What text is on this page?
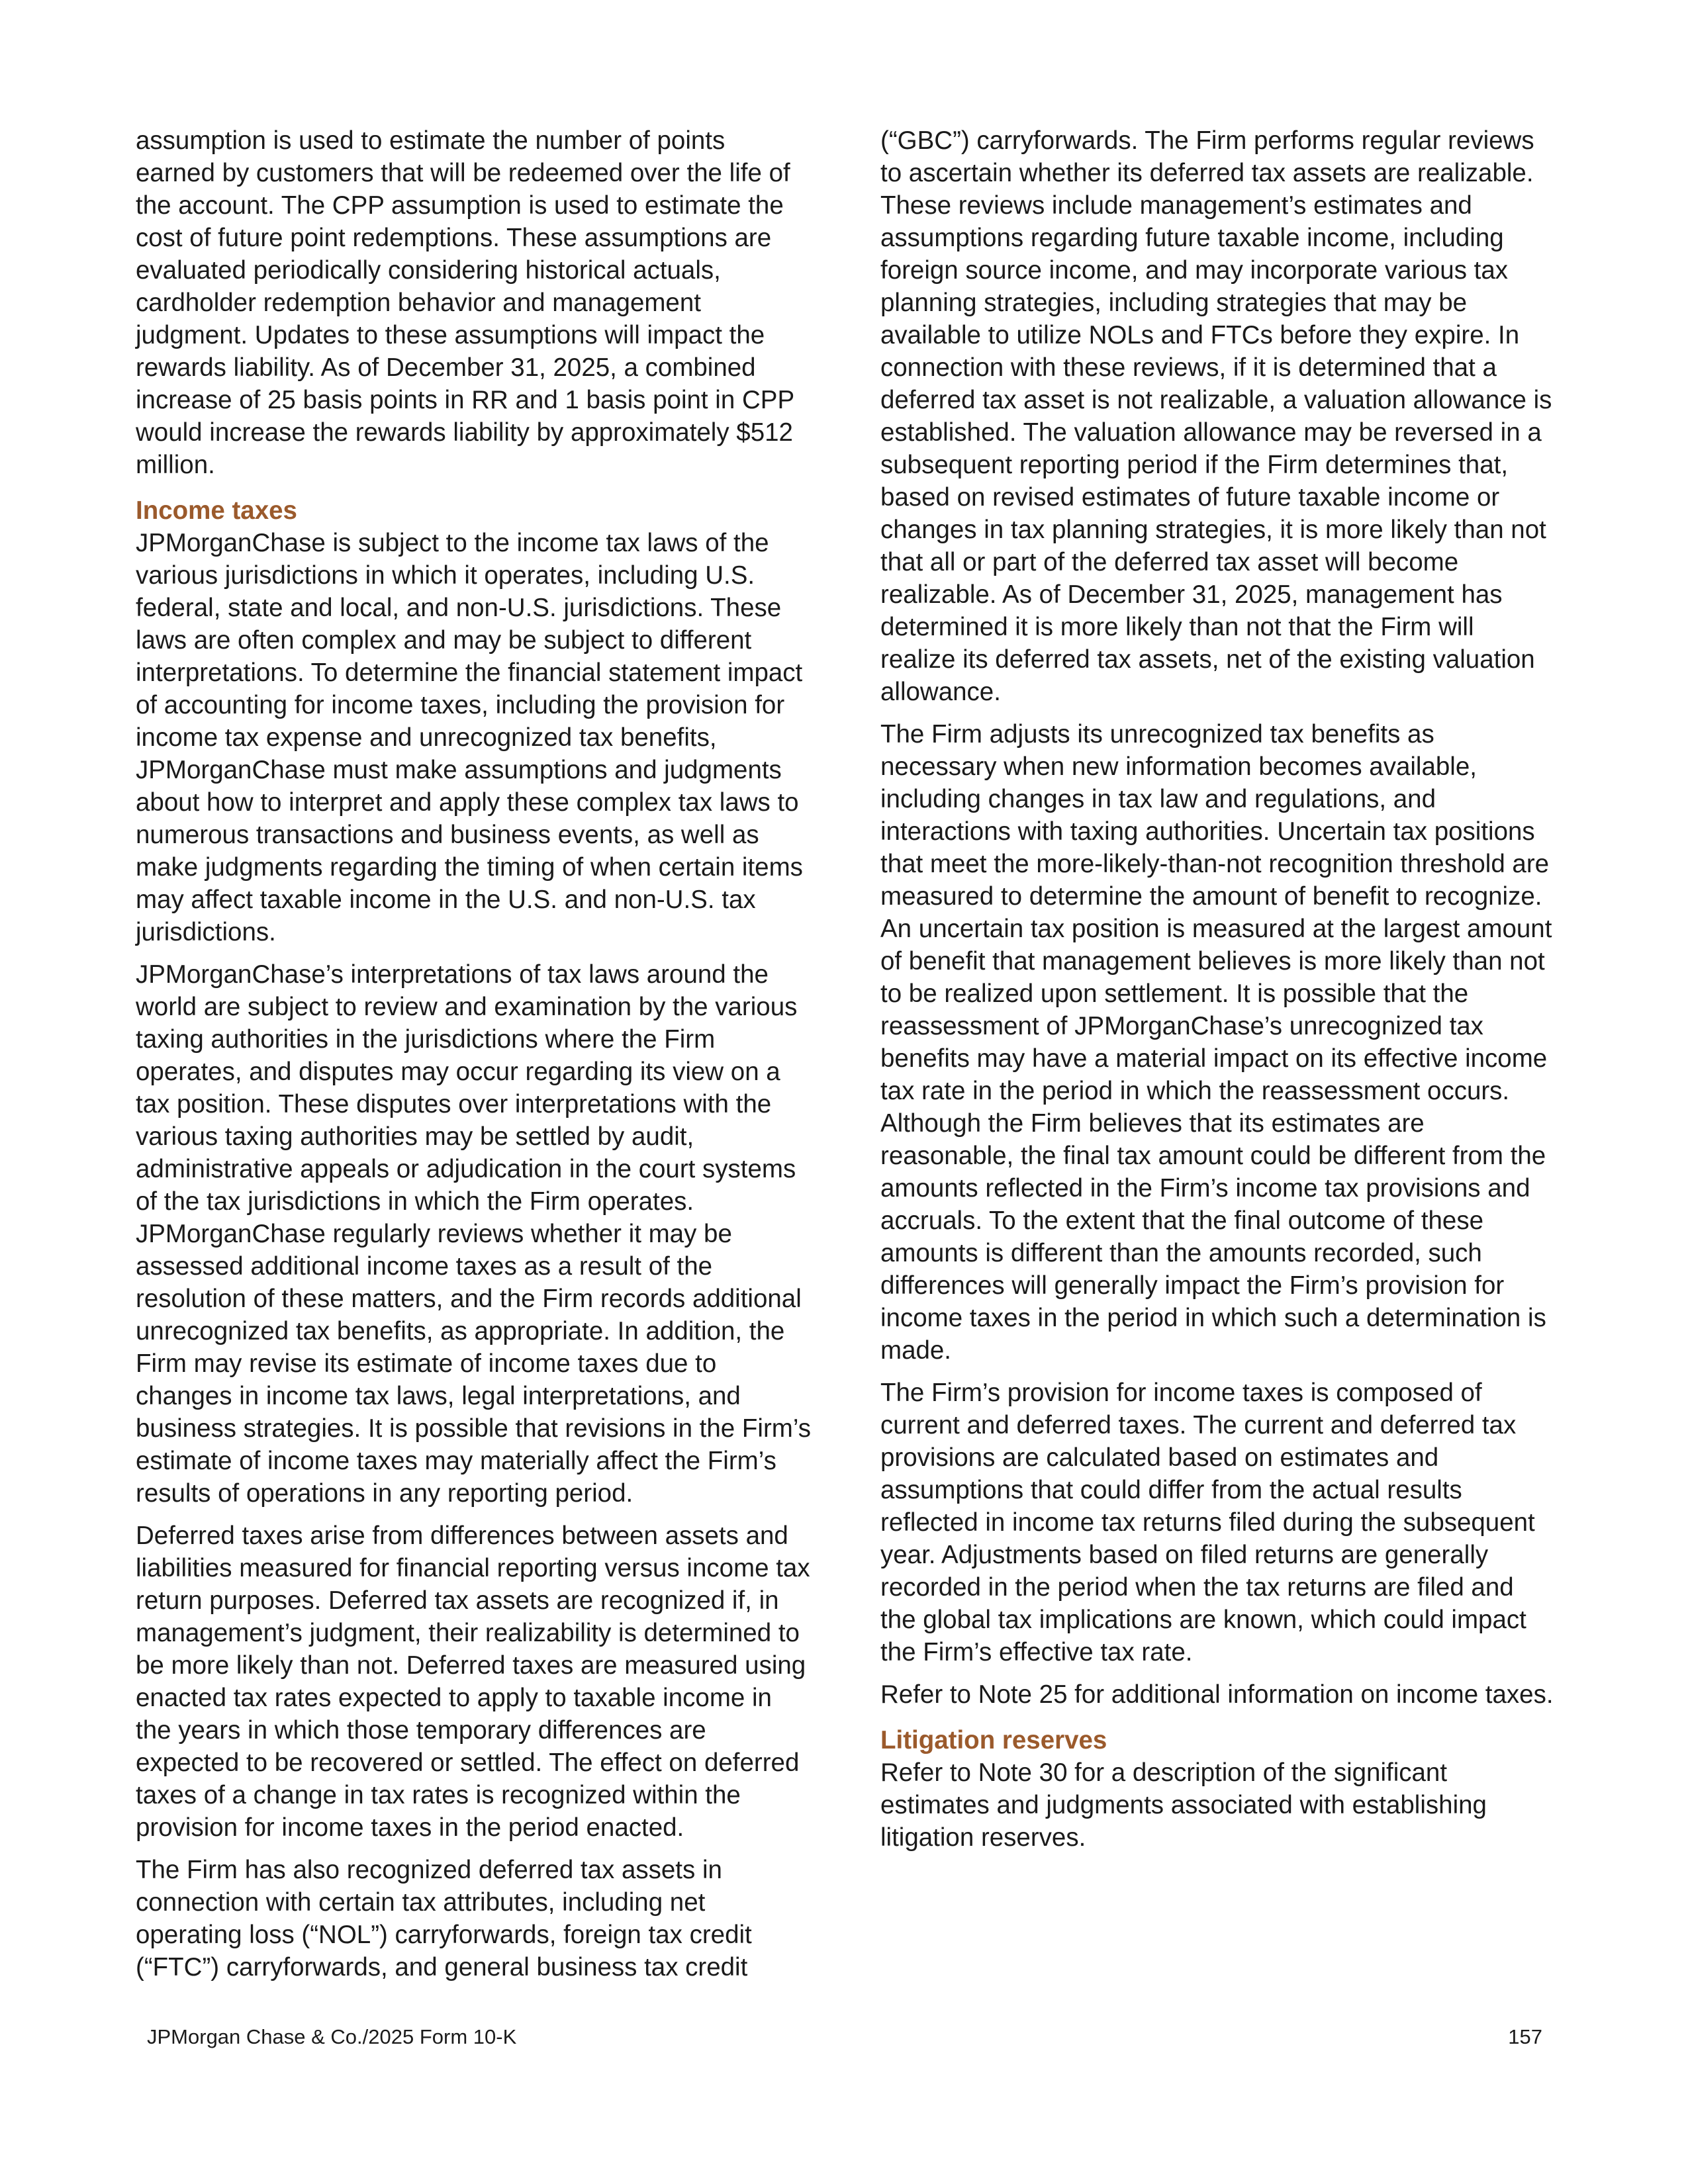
assumption is used to estimate the number of points earned by customers that will be redeemed over the life of the account. The CPP assumption is used to estimate the cost of future point redemptions. These assumptions are evaluated periodically considering historical actuals, cardholder redemption behavior and management judgment. Updates to these assumptions will impact the rewards liability. As of December 31, 2025, a combined increase of 25 basis points in RR and 1 basis point in CPP would increase the rewards liability by approximately $512 million.

Income taxes

JPMorganChase is subject to the income tax laws of the various jurisdictions in which it operates, including U.S. federal, state and local, and non-U.S. jurisdictions. These laws are often complex and may be subject to different interpretations. To determine the financial statement impact of accounting for income taxes, including the provision for income tax expense and unrecognized tax benefits, JPMorganChase must make assumptions and judgments about how to interpret and apply these complex tax laws to numerous transactions and business events, as well as make judgments regarding the timing of when certain items may affect taxable income in the U.S. and non-U.S. tax jurisdictions.

JPMorganChase’s interpretations of tax laws around the world are subject to review and examination by the various taxing authorities in the jurisdictions where the Firm operates, and disputes may occur regarding its view on a tax position. These disputes over interpretations with the various taxing authorities may be settled by audit, administrative appeals or adjudication in the court systems of the tax jurisdictions in which the Firm operates. JPMorganChase regularly reviews whether it may be assessed additional income taxes as a result of the resolution of these matters, and the Firm records additional unrecognized tax benefits, as appropriate. In addition, the Firm may revise its estimate of income taxes due to changes in income tax laws, legal interpretations, and business strategies. It is possible that revisions in the Firm’s estimate of income taxes may materially affect the Firm’s results of operations in any reporting period.

Deferred taxes arise from differences between assets and liabilities measured for financial reporting versus income tax return purposes. Deferred tax assets are recognized if, in management’s judgment, their realizability is determined to be more likely than not. Deferred taxes are measured using enacted tax rates expected to apply to taxable income in the years in which those temporary differences are expected to be recovered or settled. The effect on deferred taxes of a change in tax rates is recognized within the provision for income taxes in the period enacted.

The Firm has also recognized deferred tax assets in connection with certain tax attributes, including net operating loss (“NOL”) carryforwards, foreign tax credit (“FTC”) carryforwards, and general business tax credit

(“GBC”) carryforwards. The Firm performs regular reviews to ascertain whether its deferred tax assets are realizable. These reviews include management’s estimates and assumptions regarding future taxable income, including foreign source income, and may incorporate various tax planning strategies, including strategies that may be available to utilize NOLs and FTCs before they expire. In connection with these reviews, if it is determined that a deferred tax asset is not realizable, a valuation allowance is established. The valuation allowance may be reversed in a subsequent reporting period if the Firm determines that, based on revised estimates of future taxable income or changes in tax planning strategies, it is more likely than not that all or part of the deferred tax asset will become realizable. As of December 31, 2025, management has determined it is more likely than not that the Firm will realize its deferred tax assets, net of the existing valuation allowance.

The Firm adjusts its unrecognized tax benefits as necessary when new information becomes available, including changes in tax law and regulations, and interactions with taxing authorities. Uncertain tax positions that meet the more-likely-than-not recognition threshold are measured to determine the amount of benefit to recognize. An uncertain tax position is measured at the largest amount of benefit that management believes is more likely than not to be realized upon settlement. It is possible that the reassessment of JPMorganChase’s unrecognized tax benefits may have a material impact on its effective income tax rate in the period in which the reassessment occurs. Although the Firm believes that its estimates are reasonable, the final tax amount could be different from the amounts reflected in the Firm’s income tax provisions and accruals. To the extent that the final outcome of these amounts is different than the amounts recorded, such differences will generally impact the Firm’s provision for income taxes in the period in which such a determination is made.

The Firm’s provision for income taxes is composed of current and deferred taxes. The current and deferred tax provisions are calculated based on estimates and assumptions that could differ from the actual results reflected in income tax returns filed during the subsequent year. Adjustments based on filed returns are generally recorded in the period when the tax returns are filed and the global tax implications are known, which could impact the Firm’s effective tax rate.

Refer to Note 25 for additional information on income taxes.

Litigation reserves

Refer to Note 30 for a description of the significant estimates and judgments associated with establishing litigation reserves.

JPMorgan Chase & Co./2025 Form 10-K	157
